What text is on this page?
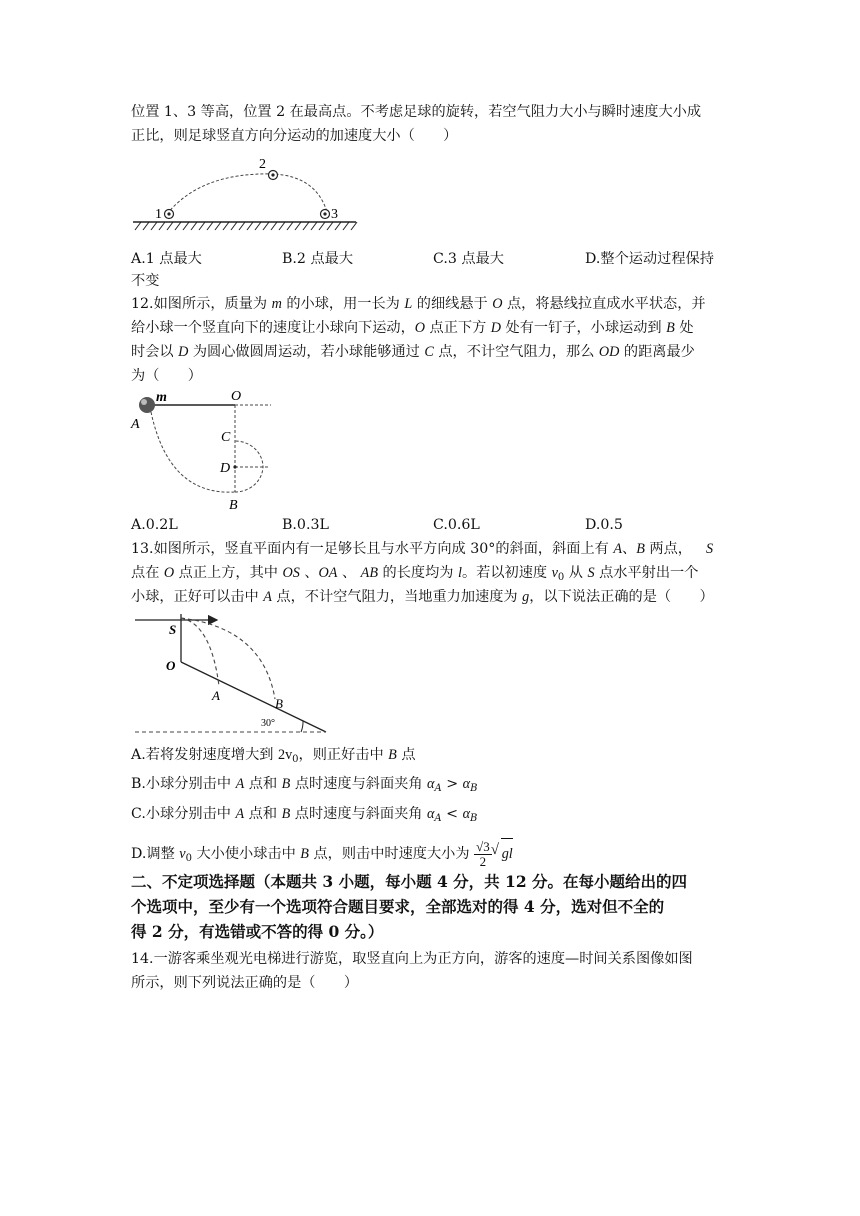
位置 1、3 等高，位置 2 在最高点。不考虑足球的旋转，若空气阻力大小与瞬时速度大小成
正比，则足球竖直方向分运动的加速度大小（　　）
1
2
3
A.1 点最大	B.2 点最大	C.3 点最大	D.整个运动过程保持
不变
12.如图所示，质量为 m 的小球，用一长为 L 的细线悬于 O 点，将悬线拉直成水平状态，并
给小球一个竖直向下的速度让小球向下运动，O 点正下方 D 处有一钉子，小球运动到 B 处
时会以 D 为圆心做圆周运动，若小球能够通过 C 点，不计空气阻力，那么 OD 的距离最少
为（　　）
m
A
O
C
D
B
A.0.2L	B.0.3L	C.0.6L	D.0.5
13.如图所示，竖直平面内有一足够长且与水平方向成 30°的斜面，斜面上有 A、B 两点， S
点在 O 点正上方，其中 OS 、OA 、 AB 的长度均为 l。若以初速度 $v_0$ 从 S 点水平射出一个
小球，正好可以击中 A 点，不计空气阻力，当地重力加速度为 g，以下说法正确的是（　　）
S
O
A
B
30°
A.若将发射速度增大到 $2v_0$，则正好击中 B 点
B.小球分别击中 A 点和 B 点时速度与斜面夹角 $\alpha_A > \alpha_B$
C.小球分别击中 A 点和 B 点时速度与斜面夹角 $\alpha_A < \alpha_B$
D.调整 $v_0$ 大小使小球击中 B 点，则击中时速度大小为 $\frac{√3}{2}$
√ gl
二、不定项选择题（本题共 3 小题，每小题 4 分，共 12 分。在每小题给出的四
个选项中，至少有一个选项符合题目要求，全部选对的得 4 分，选对但不全的
得 2 分，有选错或不答的得 0 分。）
14.一游客乘坐观光电梯进行游览，取竖直向上为正方向，游客的速度—时间关系图像如图
所示，则下列说法正确的是（　　）
